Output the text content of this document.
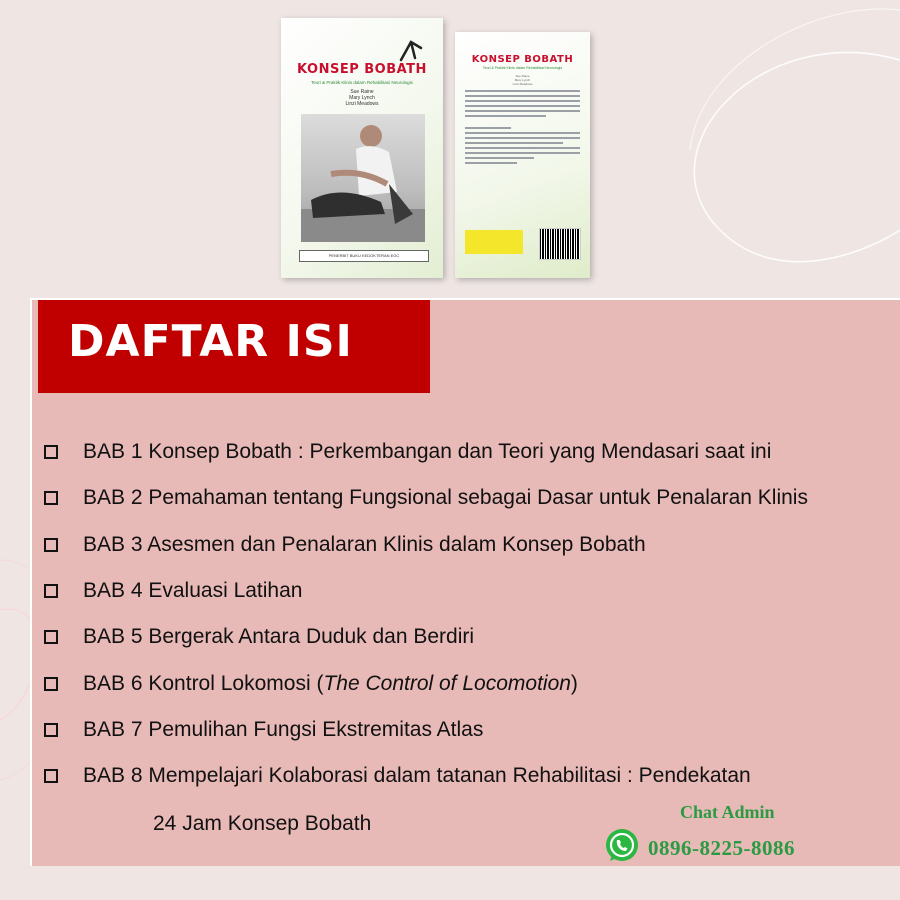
KONSEP BOBATH
Teori & Praktik Klinis dalam Rehabilitasi Neurologis
Sue Raine
Mary Lynch
Linzi Meadows
PENERBIT BUKU KEDOKTERAN EGC
KONSEP BOBATH
Teori & Praktik Klinis dalam Rehabilitasi Neurologis
Sue Raine
Mary Lynch
Linzi Meadows
DAFTAR ISI
BAB 1 Konsep Bobath : Perkembangan dan Teori yang Mendasari saat ini
BAB 2 Pemahaman tentang Fungsional sebagai Dasar untuk Penalaran Klinis
BAB 3 Asesmen dan Penalaran Klinis dalam Konsep Bobath
BAB 4 Evaluasi Latihan
BAB 5 Bergerak Antara Duduk dan Berdiri
BAB 6 Kontrol Lokomosi (The Control of Locomotion)
BAB 7 Pemulihan Fungsi Ekstremitas Atlas
BAB 8 Mempelajari Kolaborasi dalam tatanan Rehabilitasi : Pendekatan
24 Jam Konsep Bobath	Chat Admin
0896-8225-8086
